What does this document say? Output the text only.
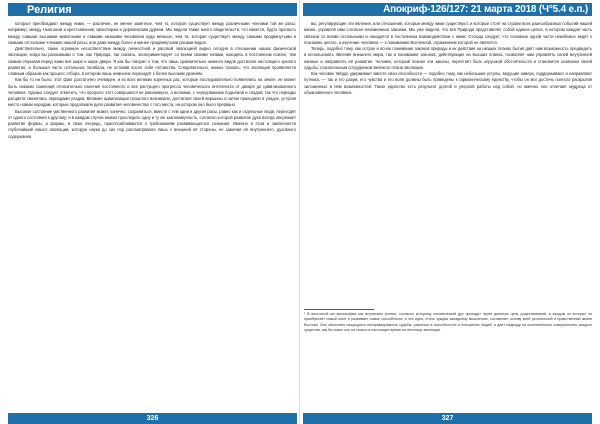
Религия

которые преобладают между ними, — различие, не менее заметное, чем то, которое существует между различными членами той же расы; например, между Ньютоном и крестьянином; Шекспиром и деревенским дурнем. Мы видели также много свидетельств, что кажется, будто пропасть между самыми высшими животными и самыми низшими человеком куда меньше, чем та, которая существует между самыми продвинутыми и самыми отсталыми членами нашей расы; или даже между более и менее продвинутыми расами видов.

Действительно, также огромное несоответствие между личностной и расовой эволюцией видно сегодня в отношении наших физической эволюции, когда вы разнымыми о том, как Природа, так сказать, экспериментирует со всеми своими типами, находясь в постоянном поиске, тем самым открывая перед нами всё шире и шире двери. Я как бы говорил о том, что лишь сравнительно немного видов достигали настоящего зрелого развития, а большая часть остальных погибала, не оставив после себя потомства. Следовательно, можно сказать, что эволюция проявляется главным образом как процесс отбора, в котором лишь немногие переходят к более высоким уровням.

Как бы то ни было, этот факт достаточно очевиден, и из всех великих коренных рас, которые последовательно появлялись на земле, не может быть никаких сомнений относительно наличия постоянного и все растущего прогресса человеческого интеллекта от дикаря до цивилизованного человека. Однако следует отметить, что прогресс этот совершался не равномерно, а волнами, с чередованием подъёмов и спадов, так что периоды расцвета сменялись периодами упадка. Великие цивилизации прошлого возникали, достигали своей вершины и затем приходили в упадок, уступая место новым народам, которые продолжали дело развития человечества с того места, на котором оно было прервано.

Высокое состояние умственного развития может, конечно, сохраниться, вместе с тем одни и другие расы, равно как и отдельные люди, переходят от одного состояния к другому; и в каждом случае можно проследить одну и ту же закономерность, согласно которой развитие духа всегда опережает развитие формы, а формы, в свою очередь, приспосабливаются к требованиям развивающегося сознания. Именно в этом и заключается глубочайший смысл эволюции, которую наука до сих пор рассматривала лишь с внешней её стороны, не замечая её внутреннего, духовного содержания.

326
Апокриф-126/127: 21 марта 2018 (Ч°5.4 е.п.)

вы, регулирующие эти явления, или отношения, которые между ними существуют, и которые стоят на страже всех разнообразных событий нашей жизни, управляя ими согласно неизменным законам. Мы уже видели, что вся Природа представляет собой единое целое, в котором каждая часть связана со всеми остальными и находится в постоянном взаимодействии с ними. Отсюда следует, что познание одной части неизбежно ведёт к познанию целого, а изучение человека — к пониманию Вселенной, отражением которой он является.

Теперь, подобно тому, как острое и ясное понимание законов природы и их действия на низших планах бытия даёт нам возможность предвидеть и использовать явления внешнего мира, так и понимание законов, действующих на высших планах, позволяет нам управлять своей внутренней жизнью и направлять её развитие. Человек, который познал эти законы, перестаёт быть игрушкой обстоятельств и становится хозяином своей судьбы, сознательным сотрудником великого плана эволюции.

Как человек твёрдо удерживает вместе свои способности — подобно тому, как небольшие уступы, ведущие наверх, поддерживают и направляют путника, — так и его разум, его чувства и его воля должны быть приведены к гармоническому единству, чтобы он мог достичь полного раскрытия заложенных в нём возможностей. Такое единство есть результат долгой и упорной работы над собой, но именно оно отличает мудреца от обыкновенного человека.

¹ В восточной же философии мы встречаем учение, согласно которому человеческий дух проходит через длинную цепь существований, в каждом из которых он приобретает новый опыт и развивает новые способности; и эта идея, столь чуждая западному мышлению, составляет основу всей религиозной и нравственной жизни Востока. Она объясняет кажущуюся несправедливость судьбы, различие в способностях и положении людей, и даёт надежду на окончательное совершенство каждого существа, как бы низко оно ни стояло в настоящее время на лестнице эволюции.
327
